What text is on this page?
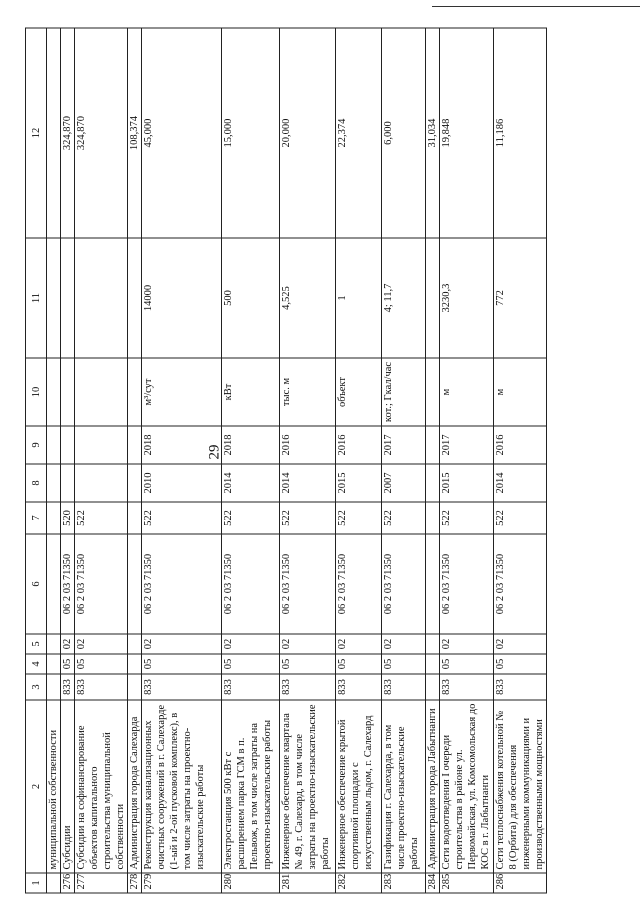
29
1	2	3	4	5	6	7	8	9	10	11	12
	муниципальной собственности										
276	Субсидии	833	05	02	06 2 03 71350	520					324,870
277	Субсидии на софинансирование объектов капитального строительства муниципальной собственности	833	05	02	06 2 03 71350	522					324,870
278	Администрация города Салехарда										108,374
279	Реконструкция канализационных очистных сооружений в г. Салехарде (1-ый и 2-ой пусковой комплекс), в том числе затраты на проектно-изыскательские работы	833	05	02	06 2 03 71350	522	2010	2018	м³/сут	14000	45,000
280	Электростанция 500 кВт с расширением парка ГСМ в п. Пельвож, в том числе затраты на проектно-изыскательские работы	833	05	02	06 2 03 71350	522	2014	2018	кВт	500	15,000
281	Инженерное обеспечение квартала № 49, г. Салехард, в том числе затраты на проектно-изыскательские работы	833	05	02	06 2 03 71350	522	2014	2016	тыс. м	4,525	20,000
282	Инженерное обеспечение крытой спортивной площадки с искусственным льдом, г. Салехард	833	05	02	06 2 03 71350	522	2015	2016	объект	1	22,374
283	Газификация г. Салехарда, в том числе проектно-изыскательские работы	833	05	02	06 2 03 71350	522	2007	2017	кот.; Гкал/час	4; 11,7	6,000
284	Администрация города Лабытнанги										31,034
285	Сети водоотведения I очереди строительства в районе ул. Первомайская, ул. Комсомольская до КОС в г. Лабытнанги	833	05	02	06 2 03 71350	522	2015	2017	м	3230,3	19,848
286	Сети теплоснабжения котельной № 8 (Орбита) для обеспечения инженерными коммуникациями и производственными мощностями	833	05	02	06 2 03 71350	522	2014	2016	м	772	11,186
